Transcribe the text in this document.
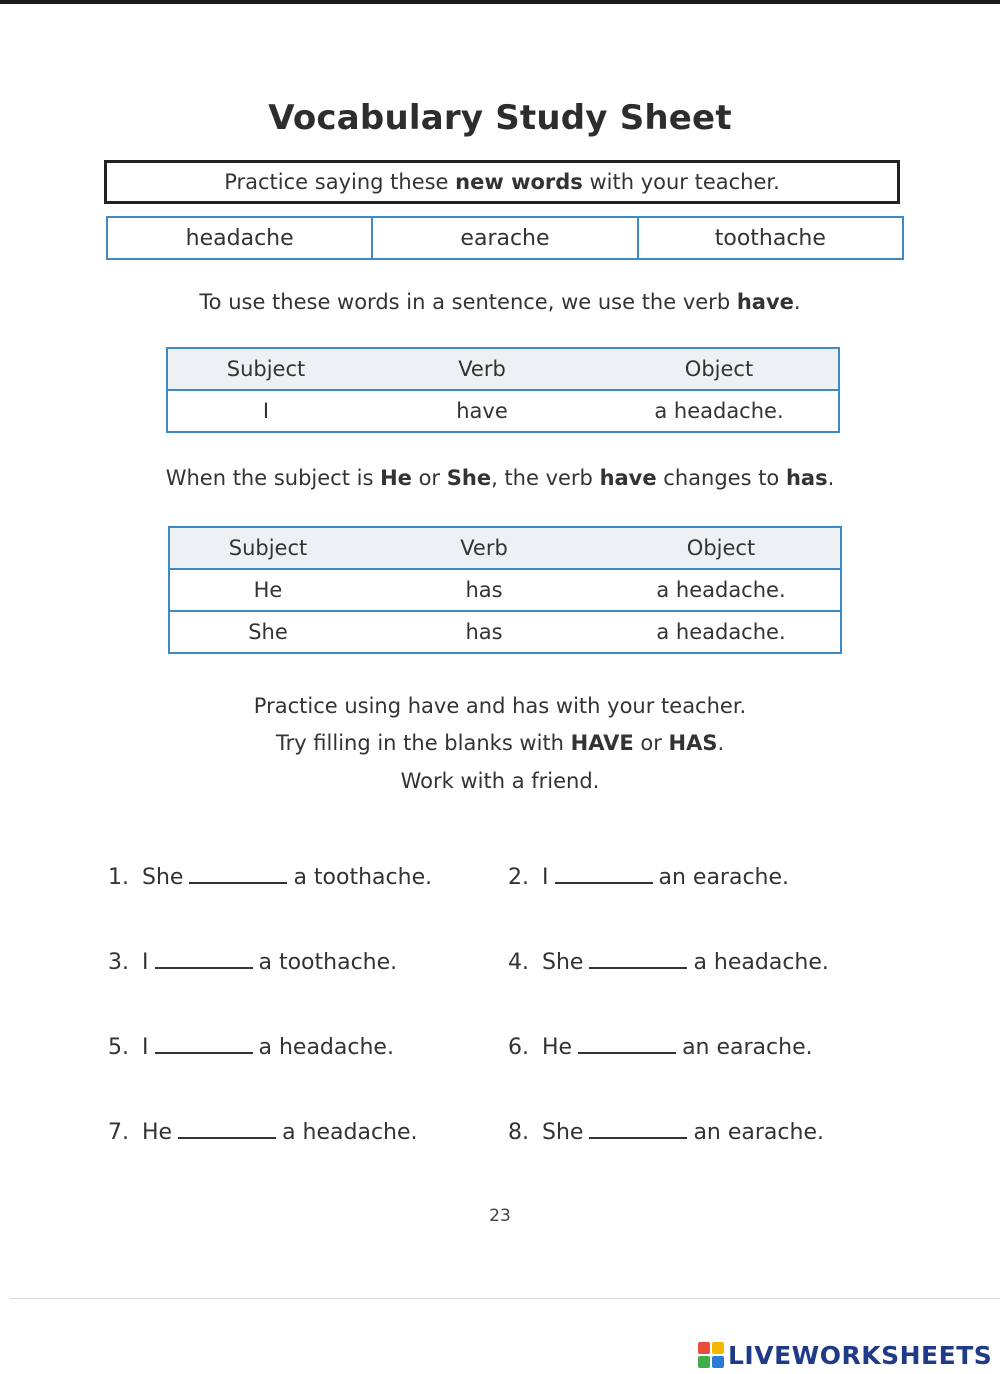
Vocabulary Study Sheet
Practice saying these new words with your teacher.
headache	earache	toothache
To use these words in a sentence, we use the verb have.
Subject	Verb	Object
I	have	a headache.
When the subject is He or She, the verb have changes to has.
Subject	Verb	Object
He	has	a headache.
She	has	a headache.
Practice using have and has with your teacher.
Try filling in the blanks with HAVE or HAS.
Work with a friend.
1. She	a toothache.	2. I	an earache.
3. I	a toothache.	4. She	a headache.
5. I	a headache.	6. He	an earache.
7. He	a headache.	8. She	an earache.
23
LIVEWORKSHEETS
